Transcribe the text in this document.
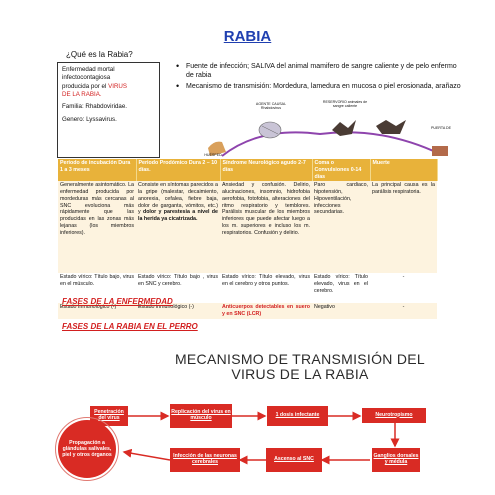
RABIA
¿Qué es la Rabia?
Enfermedad mortal
infectocontagiosa
producida por el VIRUS
DE LA RABIA.

Familia: Rhabdoviridae.

Genero: Lyssavirus.

• Fuente de infección; SALIVA del animal mamifero de sangre caliente y de pelo enfermo de rabia
• Mecanismo de transmisión: Mordedura, lamedura en mucosa o piel erosionada, arañazo
AGENTE CAUSAL Rhabdovirus
RESERVORIO animales de sangre caliente
HUÉSPED
PUERTA DE
Periodo de incubación Dura 1 a 3 meses	Periodo Prodómico Dura 2 – 10 días.	Síndrome Neurológico agudo 2-7 días	Coma o Convulsiones 0-14 días	Muerte
Generalmente asintomático. La enfermedad producida por mordeduras más cercanas al SNC evoluciona más rápidamente que las producidas en las zonas más lejanas (los miembros inferiores).	Consiste en síntomas parecidos a la gripe (malestar, decaimiento, anorexia, cefalea, fiebre baja, dolor de garganta, vómitos, etc.) y dolor y parestesia a nivel de la herida ya cicatrizada.	Ansiedad y confusión. Delirio, alucinaciones, insomnio, hidrofobia aerofobia, fotofobia, alteraciones del ritmo respiratorio y temblores. Parálisis muscular de los miembros inferiores que puede afectar luego a los m. superiores e incluso los m. respiratorios. Confusión y delirio.	Paro cardiaco, hipotensión, Hipoventilación, infecciones secundarias.	La principal causa es la parálisis respiratoria.
Estado vírico: Título bajo, virus en el músculo.	Estado vírico: Título bajo , virus en SNC y cerebro.	Estado vírico: Título elevado, virus en el cerebro y otros puntos.	Estado vírico: Título elevado, virus en el cerebro.	-
Estado Inmunológico (-)	Estado inmunológico (-)	Anticuerpos detectables en suero y en SNC (LCR)	Negativo	-
FASES DE LA ENFERMEDAD
FASES DE LA RABIA EN EL PERRO
MECANISMO DE TRANSMISIÓN DEL VIRUS DE LA RABIA
Penetración del virus
Replicación del virus en músculo	1 dosis infectante	Neurotropismo
Ganglios dorsales y médula
Ascenso al SNC
Infección de las neuronas cerebrales
Propagación a glándulas salivales, piel y otros órganos
